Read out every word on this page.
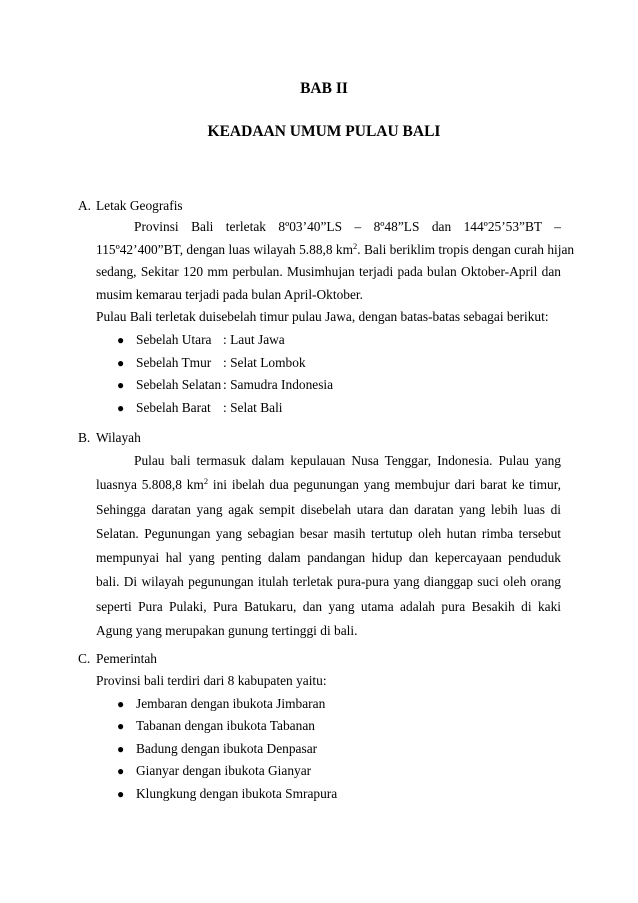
BAB II
KEADAAN UMUM PULAU BALI
A. Letak Geografis
Provinsi Bali terletak 8º03’40”LS – 8º48”LS dan 144º25’53”BT –
115º42’400”BT, dengan luas wilayah 5.88,8 $km^2$. Bali beriklim tropis dengan curah hijan
sedang, Sekitar 120 mm perbulan. Musimhujan terjadi pada bulan Oktober-April dan
musim kemarau terjadi pada bulan April-Oktober.
Pulau Bali terletak duisebelah timur pulau Jawa, dengan batas-batas sebagai berikut:
● Sebelah Utara : Laut Jawa
● Sebelah Tmur : Selat Lombok
● Sebelah Selatan : Samudra Indonesia
● Sebelah Barat : Selat Bali
B. Wilayah
Pulau bali termasuk dalam kepulauan Nusa Tenggar, Indonesia. Pulau yang
luasnya 5.808,8 $km^2$ ini ibelah dua pegunungan yang membujur dari barat ke timur,
Sehingga daratan yang agak sempit disebelah utara dan daratan yang lebih luas di
Selatan. Pegunungan yang sebagian besar masih tertutup oleh hutan rimba tersebut
mempunyai hal yang penting dalam pandangan hidup dan kepercayaan penduduk
bali. Di wilayah pegunungan itulah terletak pura-pura yang dianggap suci oleh orang
seperti Pura Pulaki, Pura Batukaru, dan yang utama adalah pura Besakih di kaki
Agung yang merupakan gunung tertinggi di bali.
C. Pemerintah
Provinsi bali terdiri dari 8 kabupaten yaitu:
● Jembaran dengan ibukota Jimbaran
● Tabanan dengan ibukota Tabanan
● Badung dengan ibukota Denpasar
● Gianyar dengan ibukota Gianyar
● Klungkung dengan ibukota Smrapura
